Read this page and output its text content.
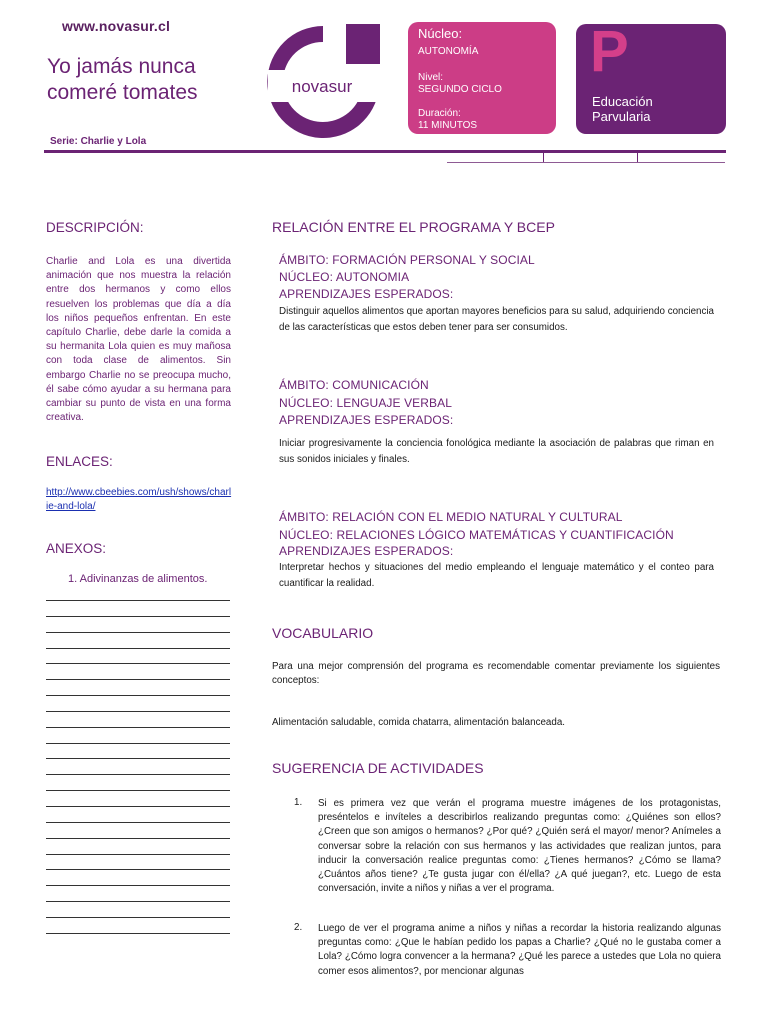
www.novasur.cl
Yo jamás nunca
comeré tomates	novasur
Núcleo:
AUTONOMÍA
Nivel:
SEGUNDO CICLO
Duración:
11 MINUTOS
P
Educación
Parvularia
Serie: Charlie y Lola
DESCRIPCIÓN:
Charlie and Lola es una divertida animación que nos muestra la relación entre dos hermanos y como ellos resuelven los problemas que día a día los niños pequeños enfrentan. En este capítulo Charlie, debe darle la comida a su hermanita Lola quien es muy mañosa con toda clase de alimentos. Sin embargo Charlie no se preocupa mucho, él sabe cómo ayudar a su hermana para cambiar su punto de vista en una forma creativa.
ENLACES:
http://www.cbeebies.com/ush/shows/charlie-and-lola/
ANEXOS:
1. Adivinanzas de alimentos.
RELACIÓN ENTRE EL PROGRAMA Y BCEP
ÁMBITO: FORMACIÓN PERSONAL Y SOCIAL
NÚCLEO: AUTONOMIA
APRENDIZAJES ESPERADOS:
Distinguir aquellos alimentos que aportan mayores beneficios para su salud, adquiriendo conciencia de las características que estos deben tener para ser consumidos.
ÁMBITO: COMUNICACIÓN
NÚCLEO: LENGUAJE VERBAL
APRENDIZAJES ESPERADOS:
Iniciar progresivamente la conciencia fonológica mediante la asociación de palabras que riman en sus sonidos iniciales y finales.
ÁMBITO: RELACIÓN CON EL MEDIO NATURAL Y CULTURAL
NÚCLEO: RELACIONES LÓGICO MATEMÁTICAS Y CUANTIFICACIÓN
APRENDIZAJES ESPERADOS:
Interpretar hechos y situaciones del medio empleando el lenguaje matemático y el conteo para cuantificar la realidad.
VOCABULARIO
Para una mejor comprensión del programa es recomendable comentar previamente los siguientes conceptos:
Alimentación saludable, comida chatarra, alimentación balanceada.
SUGERENCIA DE ACTIVIDADES
1. Si es primera vez que verán el programa muestre imágenes de los protagonistas, preséntelos e invíteles a describirlos realizando preguntas como: ¿Quiénes son ellos? ¿Creen que son amigos o hermanos? ¿Por qué? ¿Quién será el mayor/ menor? Anímeles a conversar sobre la relación con sus hermanos y las actividades que realizan juntos, para inducir la conversación realice preguntas como: ¿Tienes hermanos? ¿Cómo se llama? ¿Cuántos años tiene? ¿Te gusta jugar con él/ella? ¿A qué juegan?, etc. Luego de esta conversación, invite a niños y niñas a ver el programa.
2. Luego de ver el programa anime a niños y niñas a recordar la historia realizando algunas preguntas como: ¿Que le habían pedido los papas a Charlie? ¿Qué no le gustaba comer a Lola? ¿Cómo logra convencer a la hermana? ¿Qué les parece a ustedes que Lola no quiera comer esos alimentos?, por mencionar algunas
